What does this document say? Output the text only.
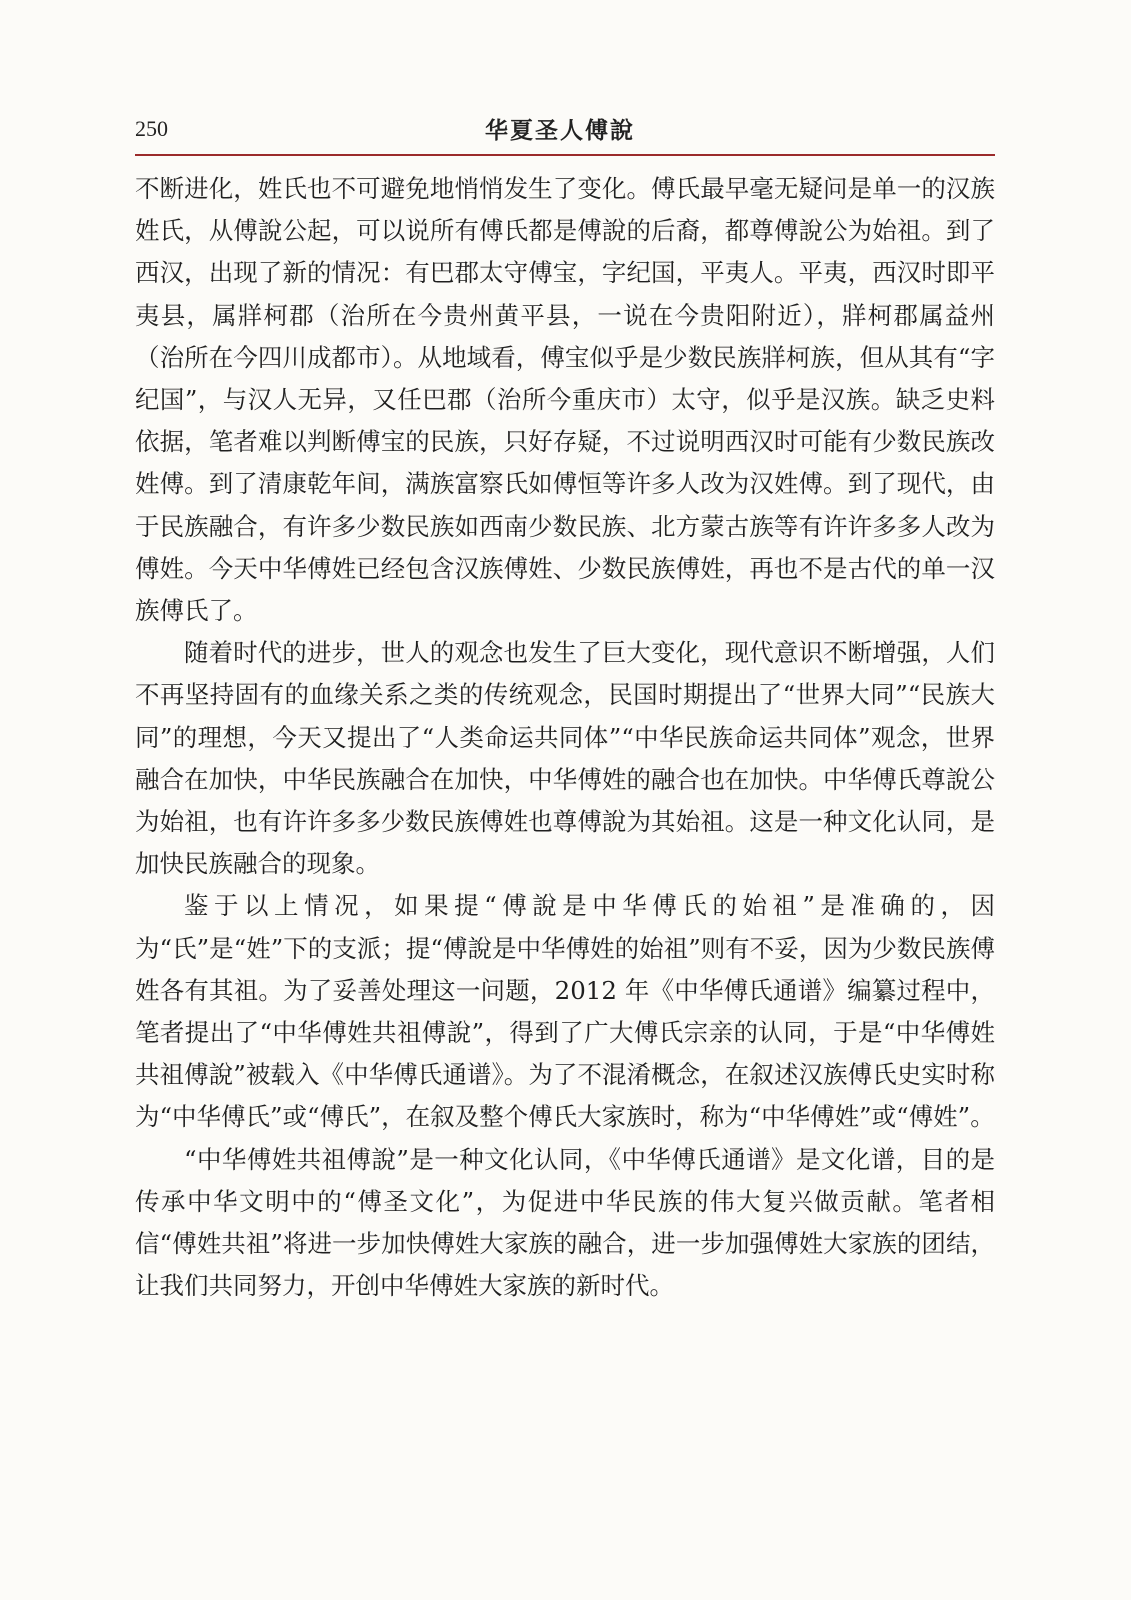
250	华夏圣人傅說

不断进化，姓氏也不可避免地悄悄发生了变化。傅氏最早毫无疑问是单一的汉族姓氏，从傅說公起，可以说所有傅氏都是傅說的后裔，都尊傅說公为始祖。到了西汉，出现了新的情况：有巴郡太守傅宝，字纪国，平夷人。平夷，西汉时即平夷县，属牂柯郡（治所在今贵州黄平县，一说在今贵阳附近），牂柯郡属益州（治所在今四川成都市）。从地域看，傅宝似乎是少数民族牂柯族，但从其有“字纪国”，与汉人无异，又任巴郡（治所今重庆市）太守，似乎是汉族。缺乏史料依据，笔者难以判断傅宝的民族，只好存疑，不过说明西汉时可能有少数民族改姓傅。到了清康乾年间，满族富察氏如傅恒等许多人改为汉姓傅。到了现代，由于民族融合，有许多少数民族如西南少数民族、北方蒙古族等有许许多多人改为傅姓。今天中华傅姓已经包含汉族傅姓、少数民族傅姓，再也不是古代的单一汉族傅氏了。

随着时代的进步，世人的观念也发生了巨大变化，现代意识不断增强，人们不再坚持固有的血缘关系之类的传统观念，民国时期提出了“世界大同”“民族大同”的理想，今天又提出了“人类命运共同体”“中华民族命运共同体”观念，世界融合在加快，中华民族融合在加快，中华傅姓的融合也在加快。中华傅氏尊說公为始祖，也有许许多多少数民族傅姓也尊傅說为其始祖。这是一种文化认同，是加快民族融合的现象。

鉴于以上情况，如果提“傅說是中华傅氏的始祖”是准确的，因为“氏”是“姓”下的支派；提“傅說是中华傅姓的始祖”则有不妥，因为少数民族傅姓各有其祖。为了妥善处理这一问题，2012 年《中华傅氏通谱》编纂过程中，笔者提出了“中华傅姓共祖傅說”，得到了广大傅氏宗亲的认同，于是“中华傅姓共祖傅說”被载入《中华傅氏通谱》。为了不混淆概念，在叙述汉族傅氏史实时称为“中华傅氏”或“傅氏”，在叙及整个傅氏大家族时，称为“中华傅姓”或“傅姓”。

“中华傅姓共祖傅說”是一种文化认同，《中华傅氏通谱》是文化谱，目的是传承中华文明中的“傅圣文化”，为促进中华民族的伟大复兴做贡献。笔者相信“傅姓共祖”将进一步加快傅姓大家族的融合，进一步加强傅姓大家族的团结，让我们共同努力，开创中华傅姓大家族的新时代。
